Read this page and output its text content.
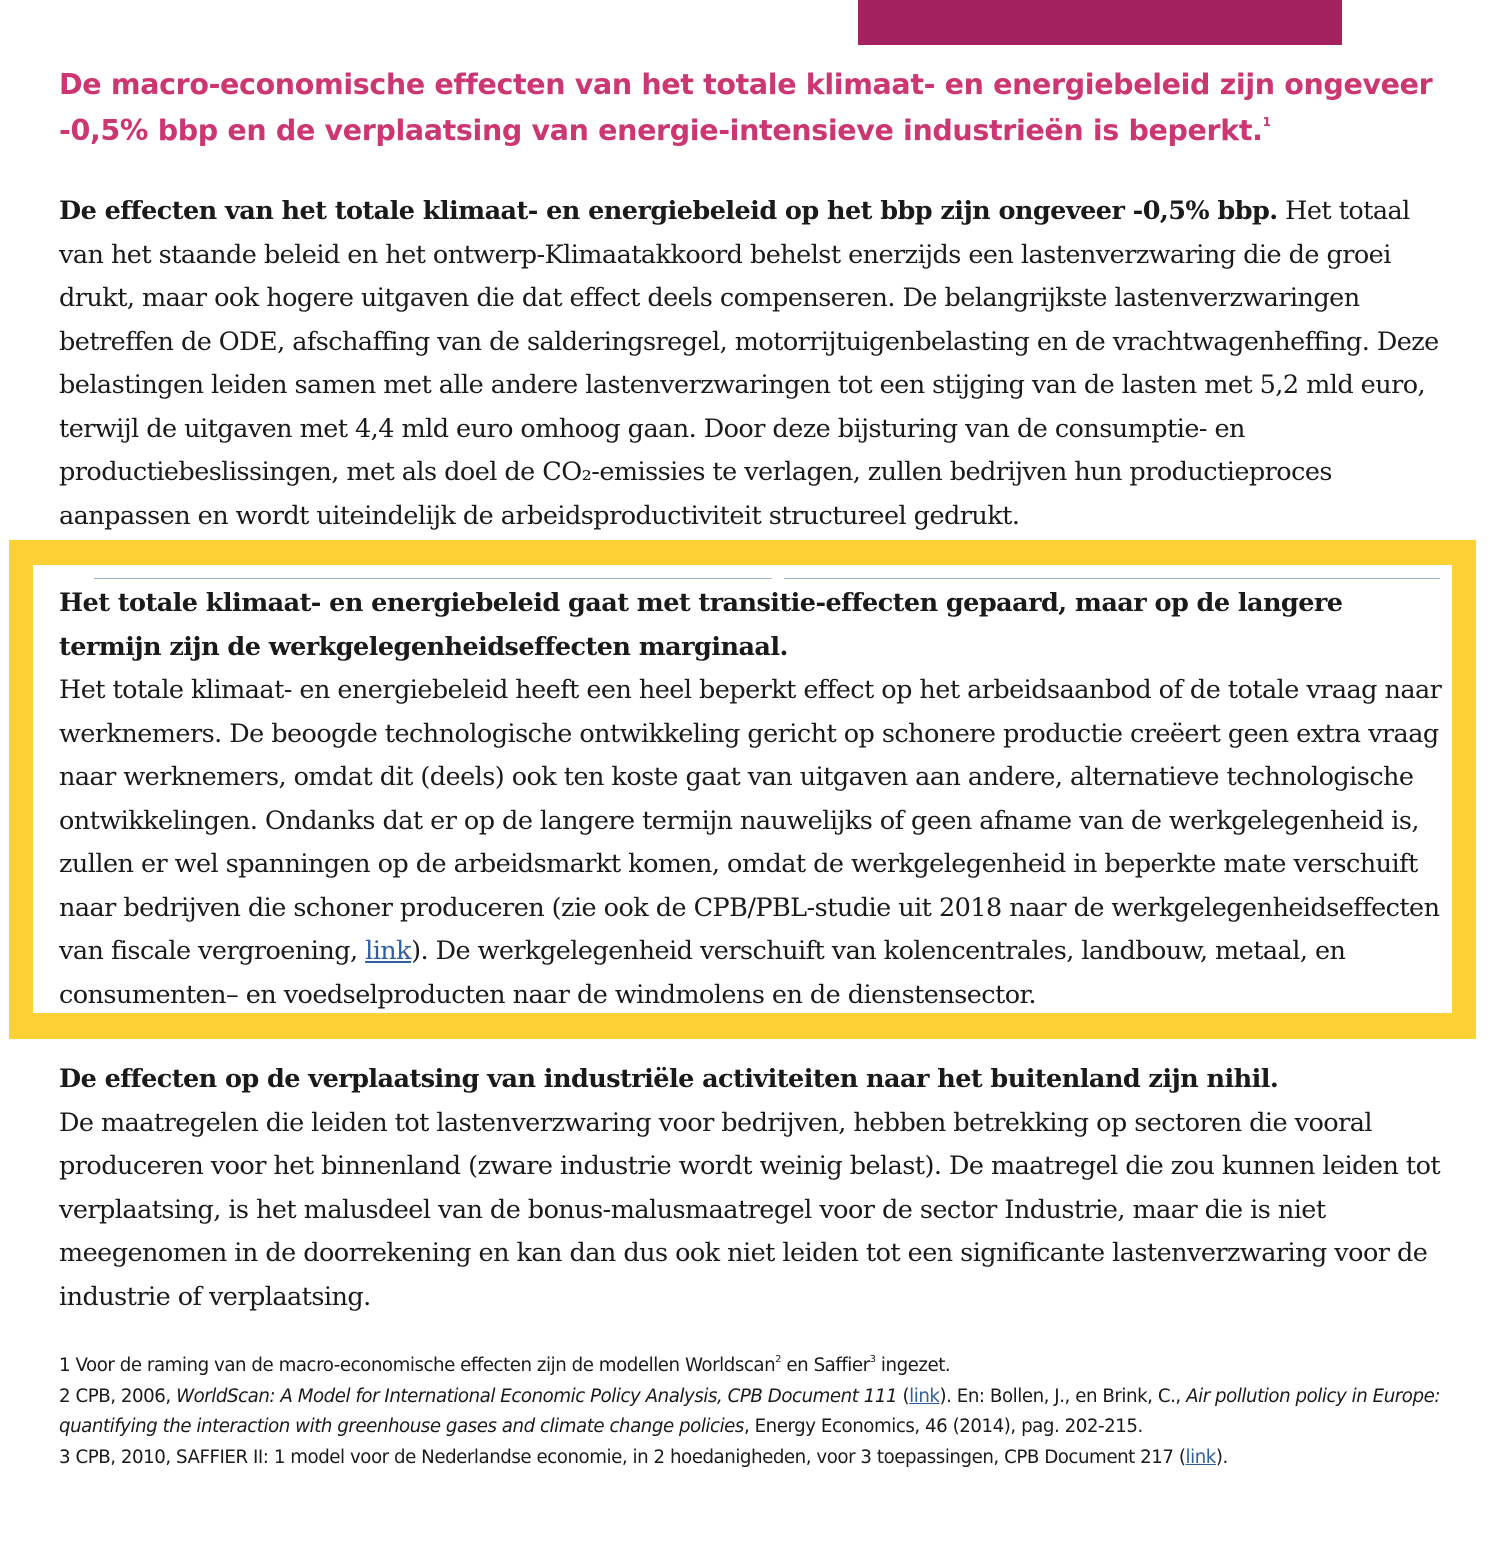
De macro-economische effecten van het totale klimaat- en energiebeleid zijn ongeveer -0,5% bbp en de verplaatsing van energie-intensieve industrieën is beperkt.$^1$

De effecten van het totale klimaat- en energiebeleid op het bbp zijn ongeveer -0,5% bbp. Het totaal van het staande beleid en het ontwerp-Klimaatakkoord behelst enerzijds een lastenverzwaring die de groei drukt, maar ook hogere uitgaven die dat effect deels compenseren. De belangrijkste lastenverzwaringen betreffen de ODE, afschaffing van de salderingsregel, motorrijtuigenbelasting en de vrachtwagenheffing. Deze belastingen leiden samen met alle andere lastenverzwaringen tot een stijging van de lasten met 5,2 mld euro, terwijl de uitgaven met 4,4 mld euro omhoog gaan. Door deze bijsturing van de consumptie- en productiebeslissingen, met als doel de CO₂-emissies te verlagen, zullen bedrijven hun productieproces aanpassen en wordt uiteindelijk de arbeidsproductiviteit structureel gedrukt.

Het totale klimaat- en energiebeleid gaat met transitie-effecten gepaard, maar op de langere termijn zijn de werkgelegenheidseffecten marginaal.
Het totale klimaat- en energiebeleid heeft een heel beperkt effect op het arbeidsaanbod of de totale vraag naar werknemers. De beoogde technologische ontwikkeling gericht op schonere productie creëert geen extra vraag naar werknemers, omdat dit (deels) ook ten koste gaat van uitgaven aan andere, alternatieve technologische ontwikkelingen. Ondanks dat er op de langere termijn nauwelijks of geen afname van de werkgelegenheid is, zullen er wel spanningen op de arbeidsmarkt komen, omdat de werkgelegenheid in beperkte mate verschuift naar bedrijven die schoner produceren (zie ook de CPB/PBL-studie uit 2018 naar de werkgelegenheidseffecten van fiscale vergroening, link). De werkgelegenheid verschuift van kolencentrales, landbouw, metaal, en consumenten– en voedselproducten naar de windmolens en de dienstensector.

De effecten op de verplaatsing van industriële activiteiten naar het buitenland zijn nihil.
De maatregelen die leiden tot lastenverzwaring voor bedrijven, hebben betrekking op sectoren die vooral produceren voor het binnenland (zware industrie wordt weinig belast). De maatregel die zou kunnen leiden tot verplaatsing, is het malusdeel van de bonus-malusmaatregel voor de sector Industrie, maar die is niet meegenomen in de doorrekening en kan dan dus ook niet leiden tot een significante lastenverzwaring voor de industrie of verplaatsing.

1 Voor de raming van de macro-economische effecten zijn de modellen Worldscan$^2$ en Saffier$^3$ ingezet.

2 CPB, 2006, WorldScan: A Model for International Economic Policy Analysis, CPB Document 111 (link). En: Bollen, J., en Brink, C., Air pollution policy in Europe: quantifying the interaction with greenhouse gases and climate change policies, Energy Economics, 46 (2014), pag. 202-215.

3 CPB, 2010, SAFFIER II: 1 model voor de Nederlandse economie, in 2 hoedanigheden, voor 3 toepassingen, CPB Document 217 (link).
